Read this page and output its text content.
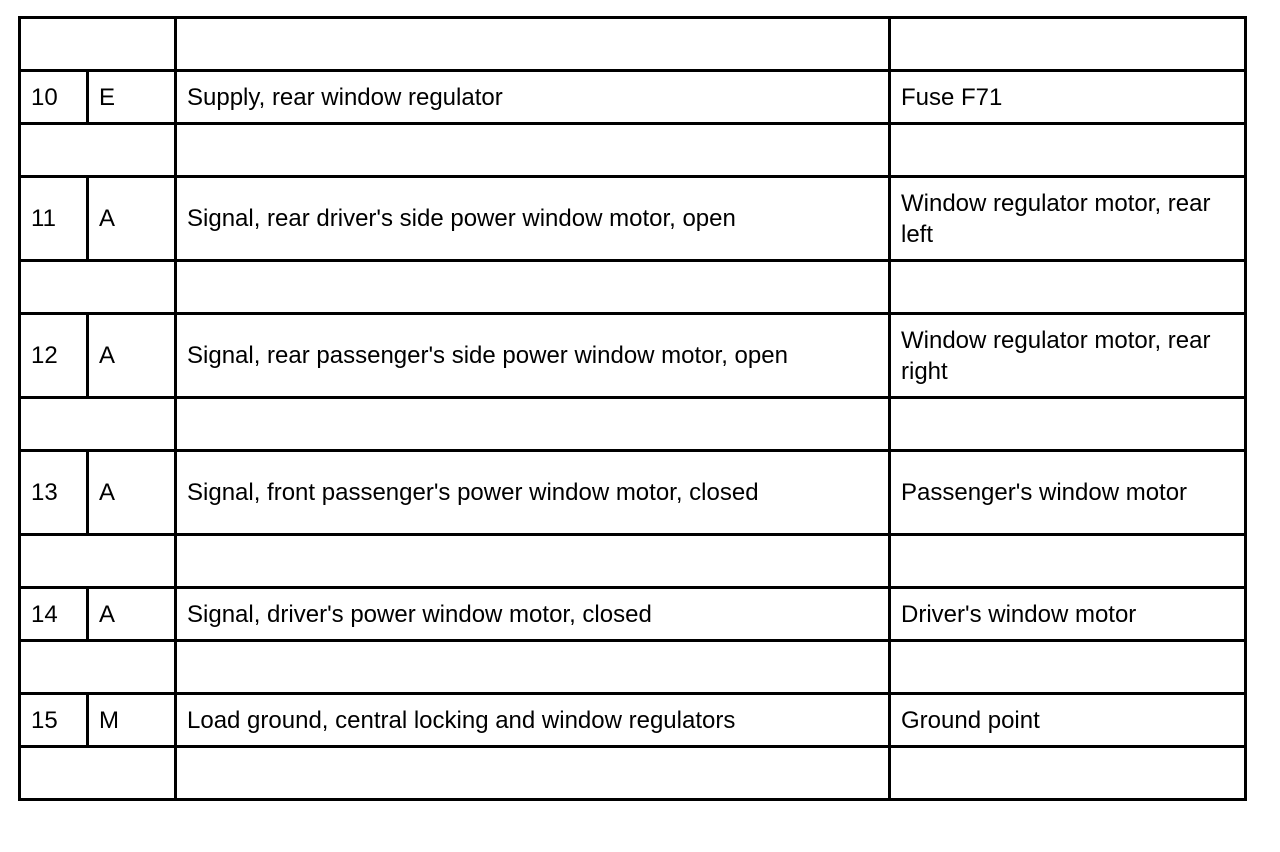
10	E	Supply, rear window regulator	Fuse F71

11	A	Signal, rear driver's side power window motor, open	Window regulator motor, rear left

12	A	Signal, rear passenger's side power window motor, open	Window regulator motor, rear right

13	A	Signal, front passenger's power window motor, closed	Passenger's window motor

14	A	Signal, driver's power window motor, closed	Driver's window motor

15	M	Load ground, central locking and window regulators	Ground point
